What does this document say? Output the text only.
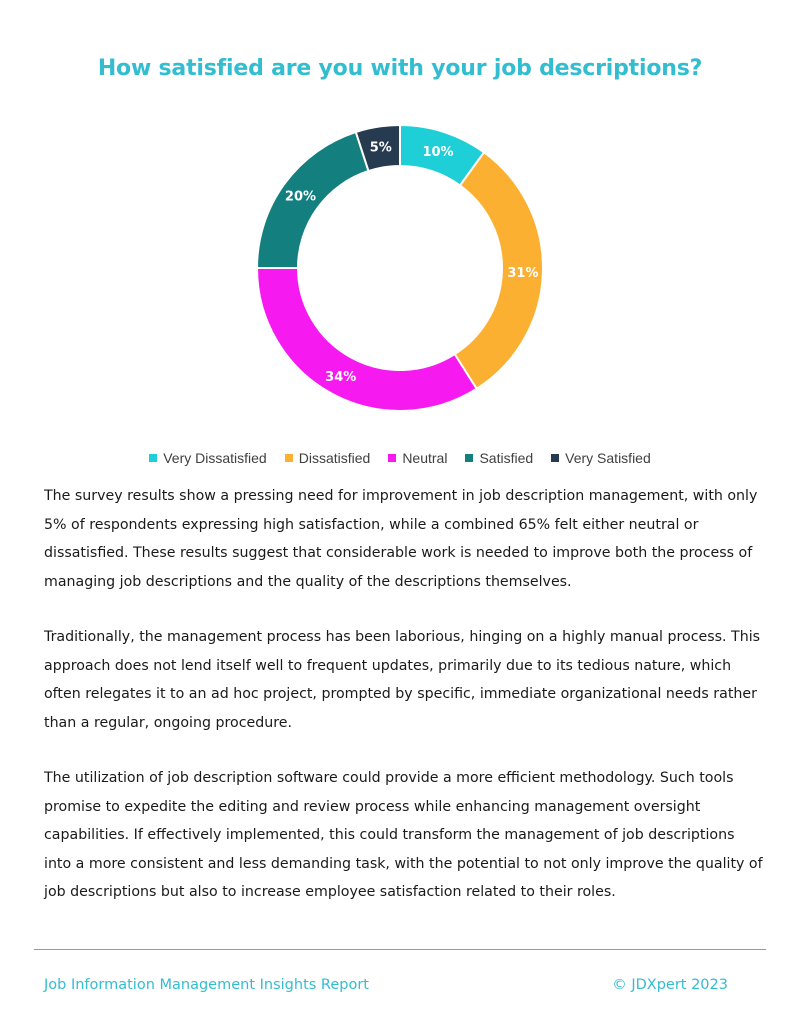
How satisfied are you with your job descriptions?
10%
31%
34%
20%
5%
Very Dissatisfied Dissatisfied Neutral Satisfied Very Satisfied

The survey results show a pressing need for improvement in job description management, with only 5% of respondents expressing high satisfaction, while a combined 65% felt either neutral or dissatisfied. These results suggest that considerable work is needed to improve both the process of managing job descriptions and the quality of the descriptions themselves.

Traditionally, the management process has been laborious, hinging on a highly manual process. This approach does not lend itself well to frequent updates, primarily due to its tedious nature, which often relegates it to an ad hoc project, prompted by specific, immediate organizational needs rather than a regular, ongoing procedure.

The utilization of job description software could provide a more efficient methodology. Such tools promise to expedite the editing and review process while enhancing management oversight capabilities. If effectively implemented, this could transform the management of job descriptions into a more consistent and less demanding task, with the potential to not only improve the quality of job descriptions but also to increase employee satisfaction related to their roles.

Job Information Management Insights Report	© JDXpert 2023
